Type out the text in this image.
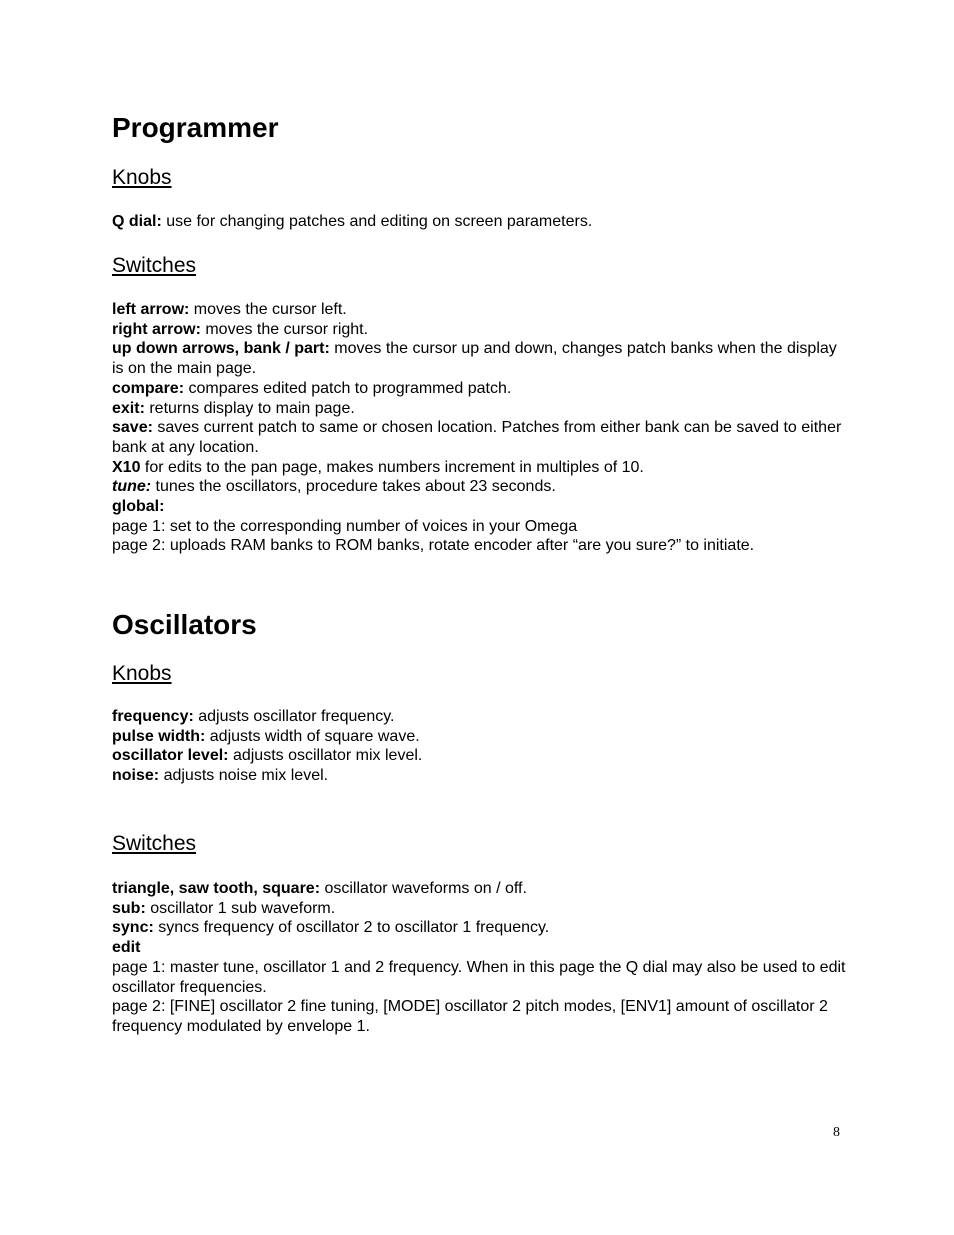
Programmer
Knobs

Q dial: use for changing patches and editing on screen parameters.

Switches

left arrow: moves the cursor left.

right arrow: moves the cursor right.

up down arrows, bank / part: moves the cursor up and down, changes patch banks when the display is on the main page.

compare: compares edited patch to programmed patch.

exit: returns display to main page.

save: saves current patch to same or chosen location. Patches from either bank can be saved to either bank at any location.

X10 for edits to the pan page, makes numbers increment in multiples of 10.

tune: tunes the oscillators, procedure takes about 23 seconds.

global:

page 1: set to the corresponding number of voices in your Omega

page 2: uploads RAM banks to ROM banks, rotate encoder after “are you sure?” to initiate.

Oscillators
Knobs

frequency: adjusts oscillator frequency.

pulse width: adjusts width of square wave.

oscillator level: adjusts oscillator mix level.

noise: adjusts noise mix level.

Switches

triangle, saw tooth, square: oscillator waveforms on / off.

sub: oscillator 1 sub waveform.

sync: syncs frequency of oscillator 2 to oscillator 1 frequency.

edit

page 1: master tune, oscillator 1 and 2 frequency. When in this page the Q dial may also be used to edit oscillator frequencies.

page 2: [FINE] oscillator 2 fine tuning, [MODE] oscillator 2 pitch modes, [ENV1] amount of oscillator 2 frequency modulated by envelope 1.

8
